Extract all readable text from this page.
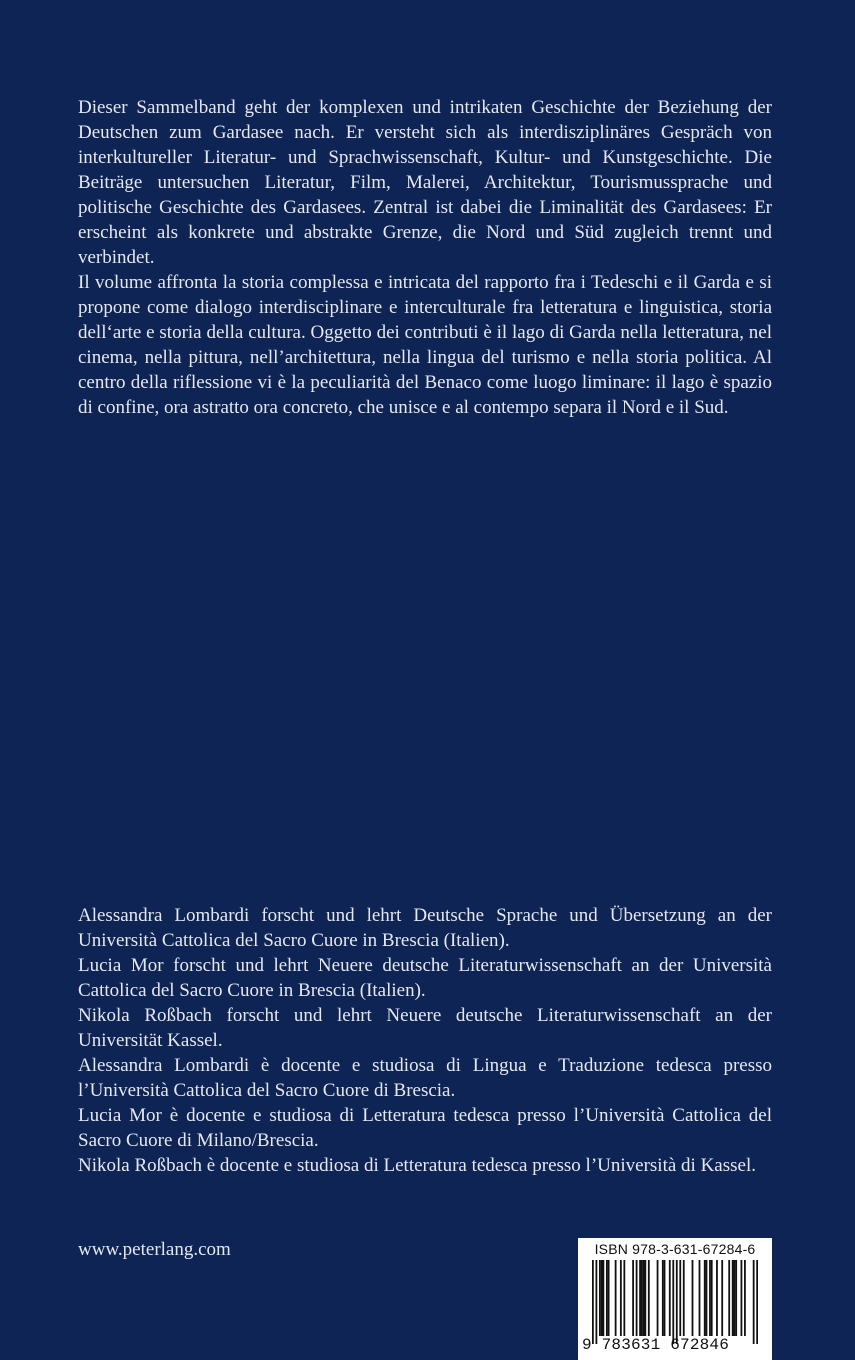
Dieser Sammelband geht der komplexen und intrikaten Geschichte der Beziehung der Deutschen zum Gardasee nach. Er versteht sich als interdisziplinäres Gespräch von interkultureller Literatur- und Sprachwissenschaft, Kultur- und Kunstgeschichte. Die Beiträge untersuchen Literatur, Film, Malerei, Architektur, Tourismussprache und politische Geschichte des Gardasees. Zentral ist dabei die Liminalität des Gardasees: Er erscheint als konkrete und abstrakte Grenze, die Nord und Süd zugleich trennt und verbindet.

Il volume affronta la storia complessa e intricata del rapporto fra i Tedeschi e il Garda e si propone come dialogo interdisciplinare e interculturale fra letteratura e linguistica, storia dell‘arte e storia della cultura. Oggetto dei contributi è il lago di Garda nella letteratura, nel cinema, nella pittura, nell’architettura, nella lingua del turismo e nella storia politica. Al centro della riflessione vi è la peculiarità del Benaco come luogo liminare: il lago è spazio di confine, ora astratto ora concreto, che unisce e al contempo separa il Nord e il Sud.

Alessandra Lombardi forscht und lehrt Deutsche Sprache und Übersetzung an der Università Cattolica del Sacro Cuore in Brescia (Italien).

Lucia Mor forscht und lehrt Neuere deutsche Literaturwissenschaft an der Università Cattolica del Sacro Cuore in Brescia (Italien).

Nikola Roßbach forscht und lehrt Neuere deutsche Literaturwissenschaft an der Universität Kassel.

Alessandra Lombardi è docente e studiosa di Lingua e Traduzione tedesca presso l’Università Cattolica del Sacro Cuore di Brescia.

Lucia Mor è docente e studiosa di Letteratura tedesca presso l’Università Cattolica del Sacro Cuore di Milano/Brescia.

Nikola Roßbach è docente e studiosa di Letteratura tedesca presso l’Università di Kassel.

www.peterlang.com	ISBN 978-3-631-67284-6
9 783631 672846
